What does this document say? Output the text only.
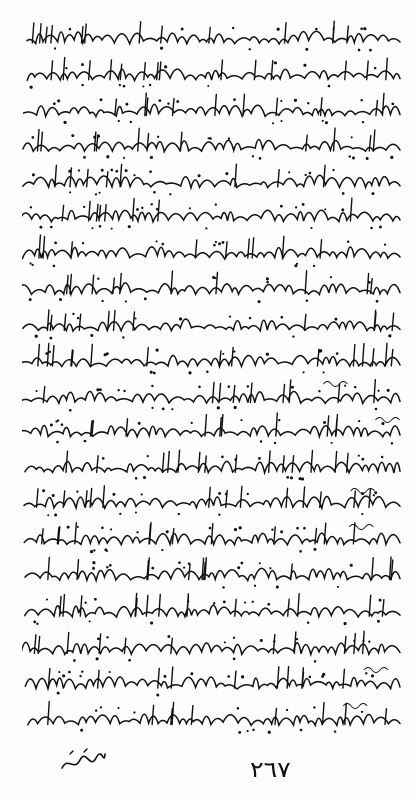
٢٦٧
